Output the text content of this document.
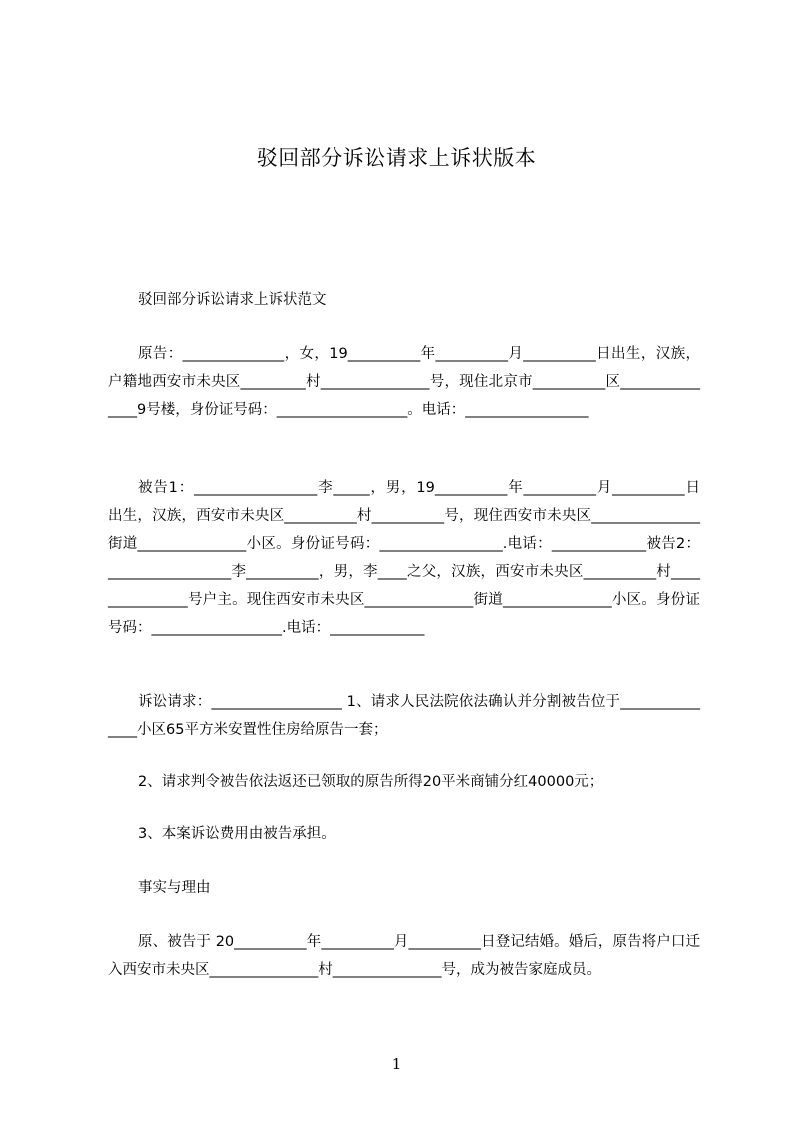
驳回部分诉讼请求上诉状版本

驳回部分诉讼请求上诉状范文

原告：______________，女，19__________年__________月__________日出生，汉族，户籍地西安市未央区_________村_______________号，现住北京市__________区_______________9号楼，身份证号码：__________________。电话：_________________

被告1：_________________李_____，男，19__________年__________月__________日出生，汉族，西安市未央区__________村__________号，现住西安市未央区_______________街道_______________小区。身份证号码：_________________.电话：_____________被告2：_________________李__________，男，李____之父，汉族，西安市未央区__________村_______________号户主。现住西安市未央区_______________街道_______________小区。身份证号码：__________________.电话：_____________

诉讼请求：__________________ 1、请求人民法院依法确认并分割被告位于_______________小区65平方米安置性住房给原告一套；

2、请求判令被告依法返还已领取的原告所得20平米商铺分红40000元；

3、本案诉讼费用由被告承担。

事实与理由

原、被告于 20__________年__________月__________日登记结婚。婚后，原告将户口迁入西安市未央区_______________村_______________号，成为被告家庭成员。

1
